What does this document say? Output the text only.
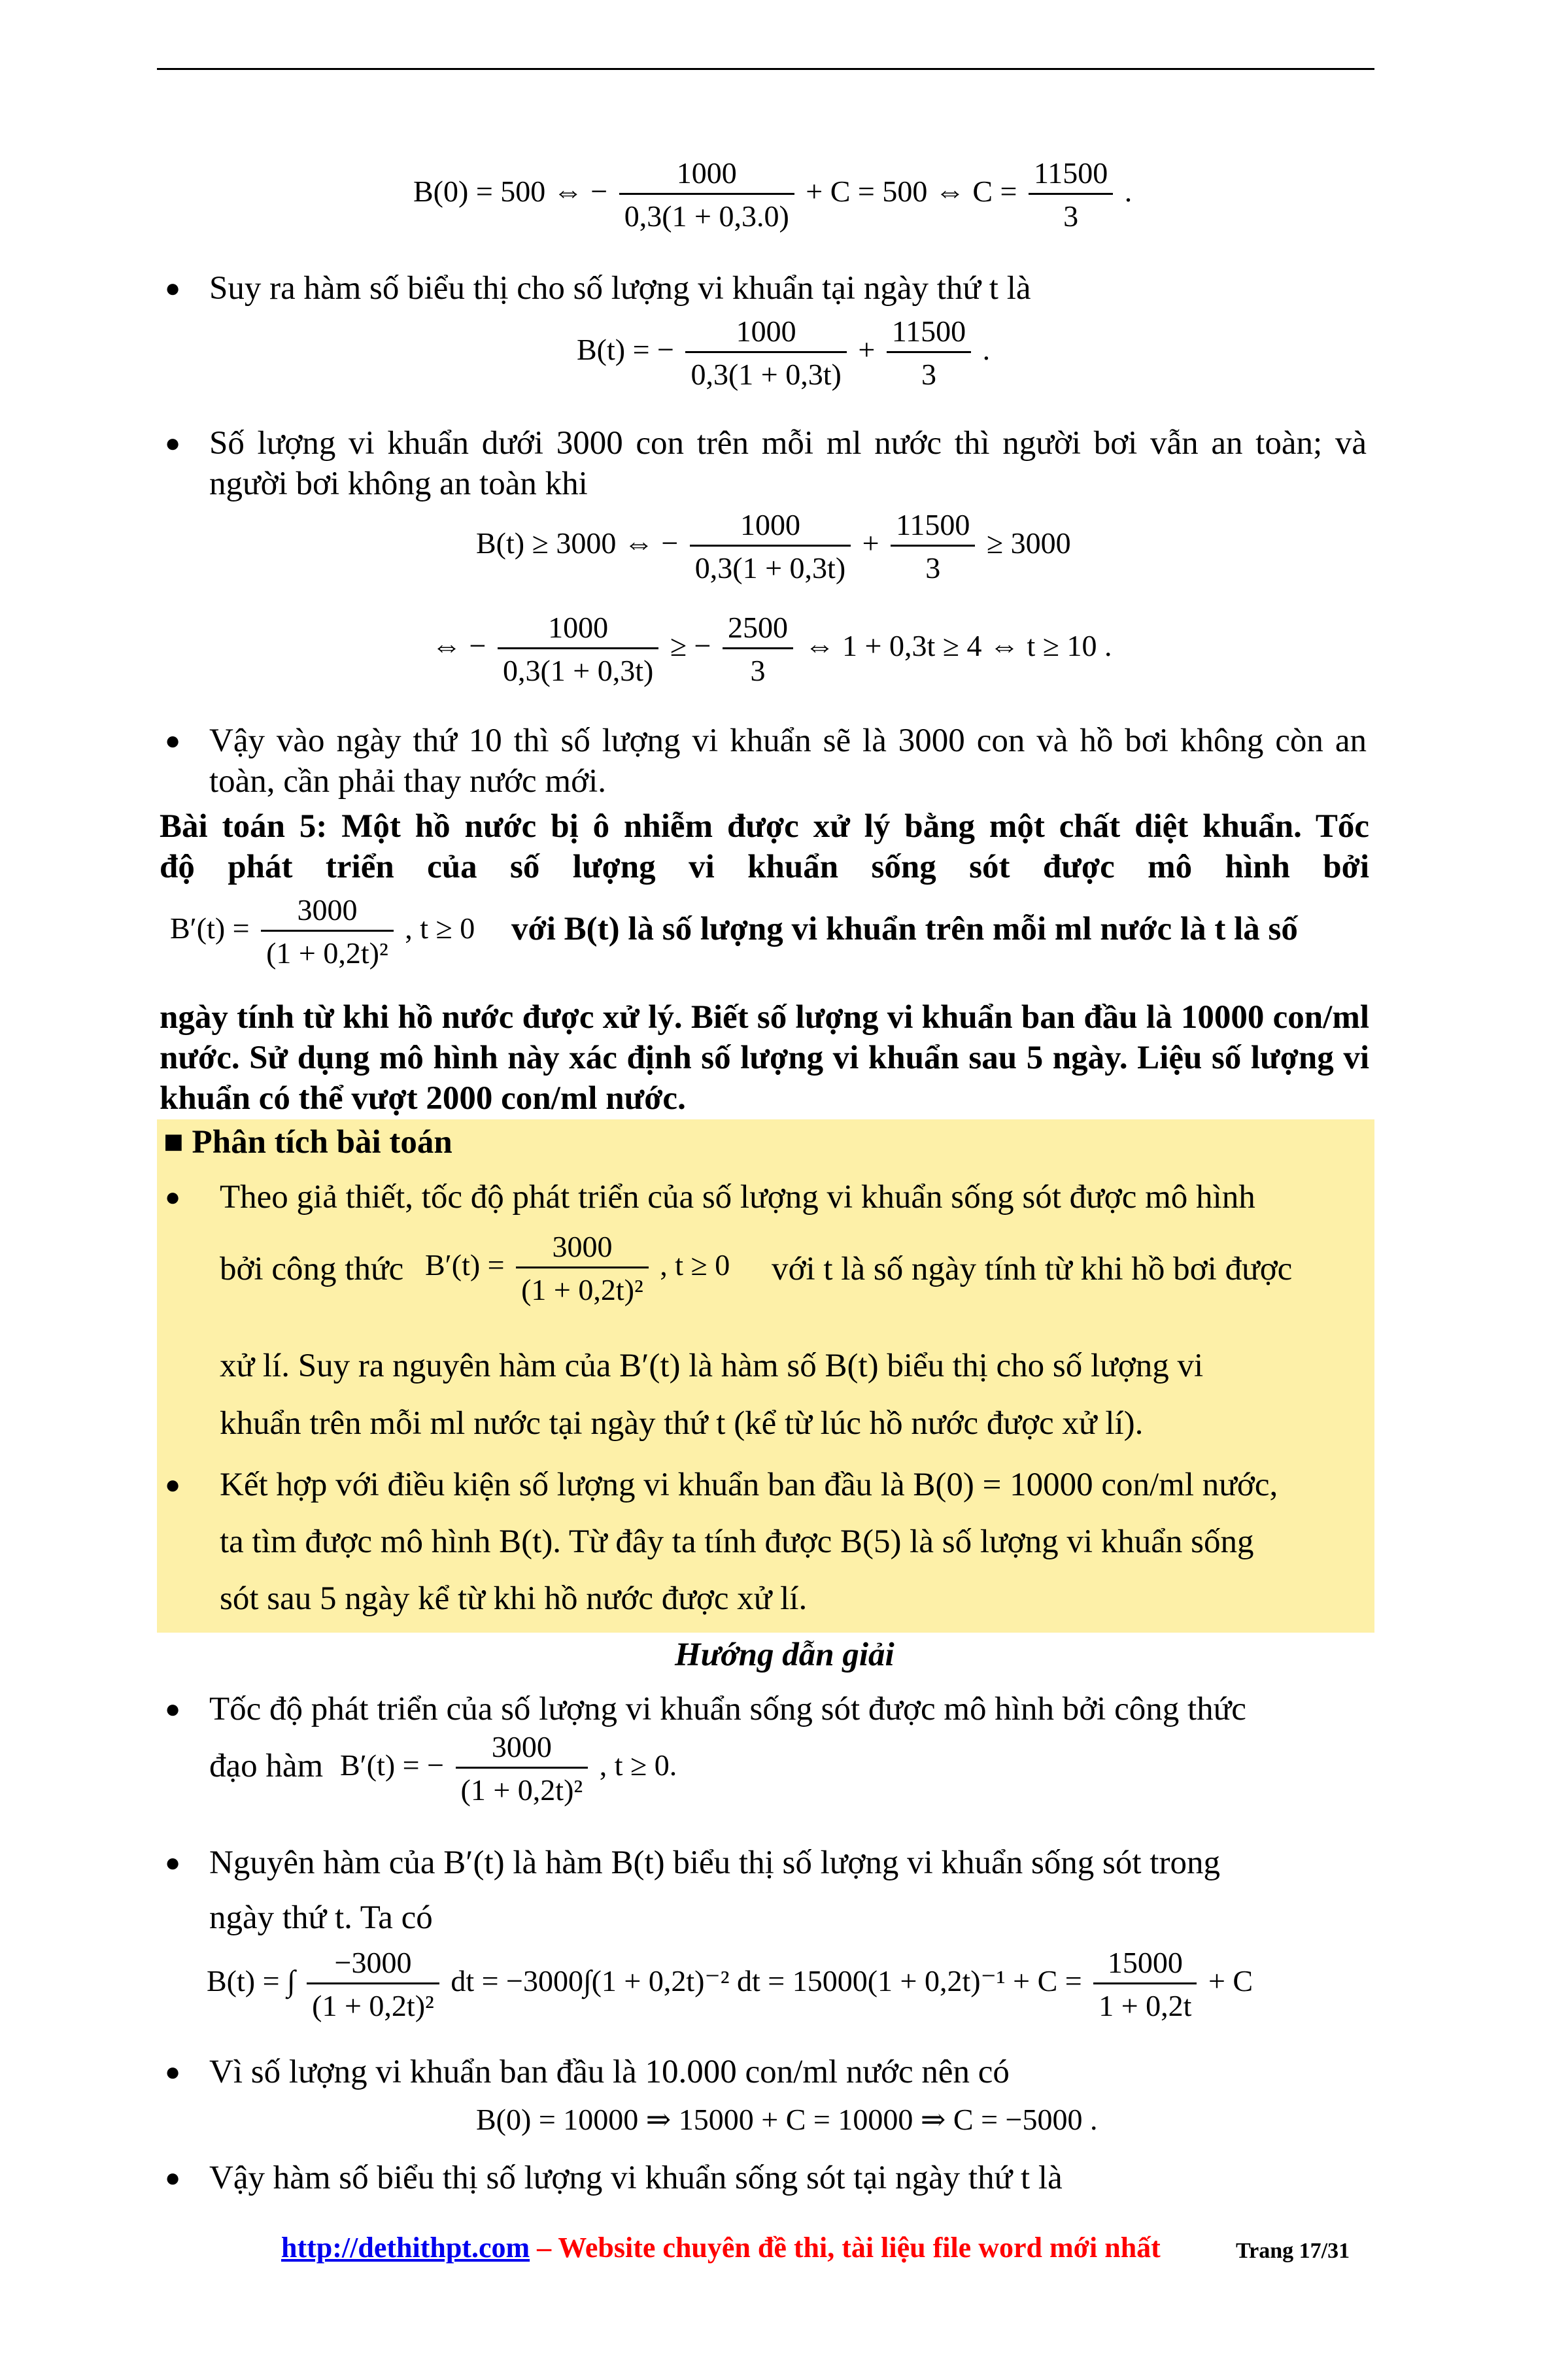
B(0) = 500 ⇔ − $\frac{1000}{0,3(1 + 0,3.0)} + C = 500$ ⇔ $C = \frac{11500}{3}$ .
● Suy ra hàm số biểu thị cho số lượng vi khuẩn tại ngày thứ t là
B(t) = − $\frac{1000}{0,3(1 + 0,3t)} + \frac{11500}{3}$ .
● Số lượng vi khuẩn dưới 3000 con trên mỗi ml nước thì người bơi vẫn an toàn; và người bơi không an toàn khi
B(t) ≥ 3000 ⇔ − $\frac{1000}{0,3(1 + 0,3t)} + \frac{11500}{3} \ge 3000$
⇔ − $\frac{1000}{0,3(1 + 0,3t)}$ ≥ − $\frac{2500}{3}$ ⇔ 1 + 0,3t ≥ 4 ⇔ t ≥ 10 .
● Vậy vào ngày thứ 10 thì số lượng vi khuẩn sẽ là 3000 con và hồ bơi không còn an toàn, cần phải thay nước mới.
Bài toán 5: Một hồ nước bị ô nhiễm được xử lý bằng một chất diệt khuẩn. Tốc
độ phát triển của số lượng vi khuẩn sống sót được mô hình bởi
$B'(t) = \frac{3000}{\text{(1 + 0,2t)²}}$ , t ≥ 0 với B(t) là số lượng vi khuẩn trên mỗi ml nước là t là số
ngày tính từ khi hồ nước được xử lý. Biết số lượng vi khuẩn ban đầu là 10000 con/ml nước. Sử dụng mô hình này xác định số lượng vi khuẩn sau 5 ngày. Liệu số lượng vi khuẩn có thể vượt 2000 con/ml nước.
■ Phân tích bài toán
● Theo giả thiết, tốc độ phát triển của số lượng vi khuẩn sống sót được mô hình
bởi công thức $B'(t) = \frac{3000}{\text{(1 + 0,2t)²}}$ , t ≥ 0 với t là số ngày tính từ khi hồ bơi được
xử lí. Suy ra nguyên hàm của B′(t) là hàm số B(t) biểu thị cho số lượng vi
khuẩn trên mỗi ml nước tại ngày thứ t (kể từ lúc hồ nước được xử lí).
● Kết hợp với điều kiện số lượng vi khuẩn ban đầu là B(0) = 10000 con/ml nước,
ta tìm được mô hình B(t). Từ đây ta tính được B(5) là số lượng vi khuẩn sống
sót sau 5 ngày kể từ khi hồ nước được xử lí.
Hướng dẫn giải
● Tốc độ phát triển của số lượng vi khuẩn sống sót được mô hình bởi công thức
đạo hàm B′(t) = − $\frac{3000}{\text{(1 + 0,2t)²}}$ , t ≥ 0.
● Nguyên hàm của B′(t) là hàm B(t) biểu thị số lượng vi khuẩn sống sót trong
ngày thứ t. Ta có
B(t) = ∫ $\frac{-3000}{\text{(1 + 0,2t)²}}$ dt = −3000∫(1 + 0,2t)⁻² dt = $15000(1 + 0,2t)^{-1} + C = \frac{15000}{1 + 0,2t} + C$
● Vì số lượng vi khuẩn ban đầu là 10.000 con/ml nước nên có
B(0) = 10000 ⇒ 15000 + C = 10000 ⇒ C = −5000 .
● Vậy hàm số biểu thị số lượng vi khuẩn sống sót tại ngày thứ t là
http://dethithpt.com – Website chuyên đề thi, tài liệu file word mới nhất	Trang 17/31
